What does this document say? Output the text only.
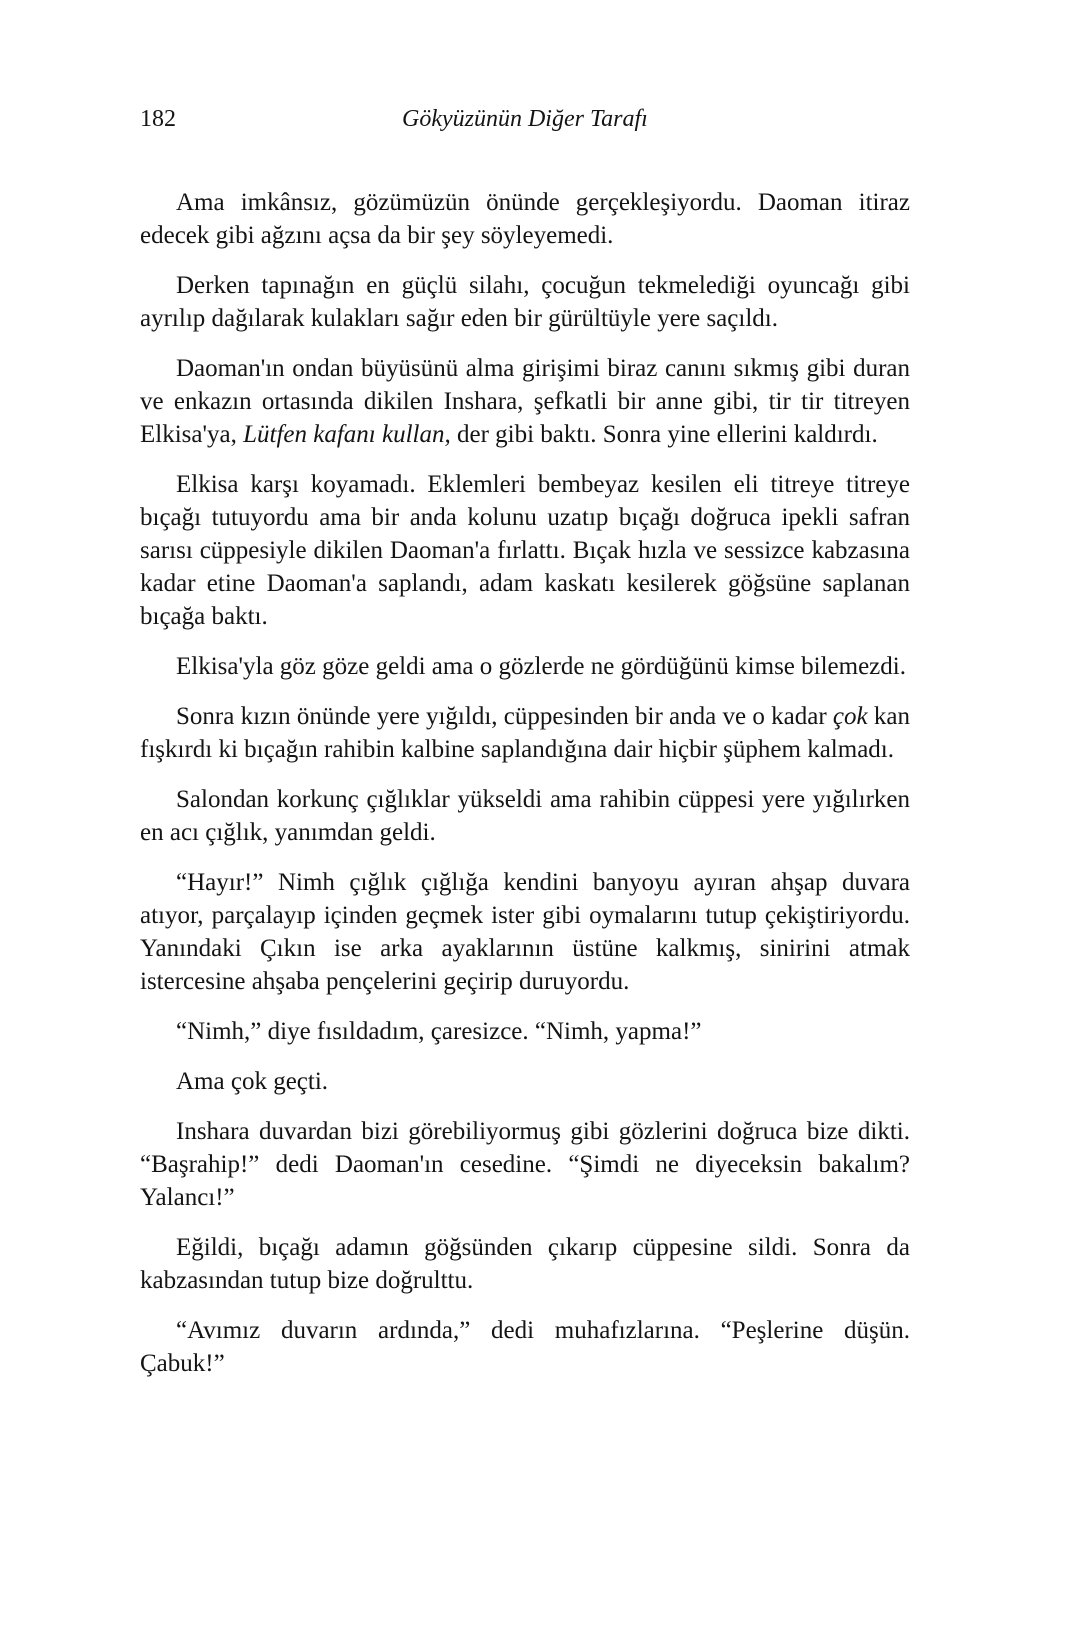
182	Gökyüzünün Diğer Tarafı

Ama imkânsız, gözümüzün önünde gerçekleşiyordu. Daoman itiraz edecek gibi ağzını açsa da bir şey söyleyemedi.

Derken tapınağın en güçlü silahı, çocuğun tekmelediği oyuncağı gibi ayrılıp dağılarak kulakları sağır eden bir gürültüyle yere saçıldı.

Daoman'ın ondan büyüsünü alma girişimi biraz canını sıkmış gibi duran ve enkazın ortasında dikilen Inshara, şefkatli bir anne gibi, tir tir titreyen Elkisa'ya, Lütfen kafanı kullan, der gibi baktı. Sonra yine ellerini kaldırdı.

Elkisa karşı koyamadı. Eklemleri bembeyaz kesilen eli titreye titreye bıçağı tutuyordu ama bir anda kolunu uzatıp bıçağı doğruca ipekli safran sarısı cüppesiyle dikilen Daoman'a fırlattı. Bıçak hızla ve sessizce kabzasına kadar etine Daoman'a saplandı, adam kaskatı kesilerek göğsüne saplanan bıçağa baktı.

Elkisa'yla göz göze geldi ama o gözlerde ne gördüğünü kimse bilemezdi.

Sonra kızın önünde yere yığıldı, cüppesinden bir anda ve o kadar çok kan fışkırdı ki bıçağın rahibin kalbine saplandığına dair hiçbir şüphem kalmadı.

Salondan korkunç çığlıklar yükseldi ama rahibin cüppesi yere yığılırken en acı çığlık, yanımdan geldi.

“Hayır!” Nimh çığlık çığlığa kendini banyoyu ayıran ahşap duvara atıyor, parçalayıp içinden geçmek ister gibi oymalarını tutup çekiştiriyordu. Yanındaki Çıkın ise arka ayaklarının üstüne kalkmış, sinirini atmak istercesine ahşaba pençelerini geçirip duruyordu.

“Nimh,” diye fısıldadım, çaresizce. “Nimh, yapma!”

Ama çok geçti.

Inshara duvardan bizi görebiliyormuş gibi gözlerini doğruca bize dikti. “Başrahip!” dedi Daoman'ın cesedine. “Şimdi ne diyeceksin bakalım? Yalancı!”

Eğildi, bıçağı adamın göğsünden çıkarıp cüppesine sildi. Sonra da kabzasından tutup bize doğrulttu.

“Avımız duvarın ardında,” dedi muhafızlarına. “Peşlerine düşün. Çabuk!”
